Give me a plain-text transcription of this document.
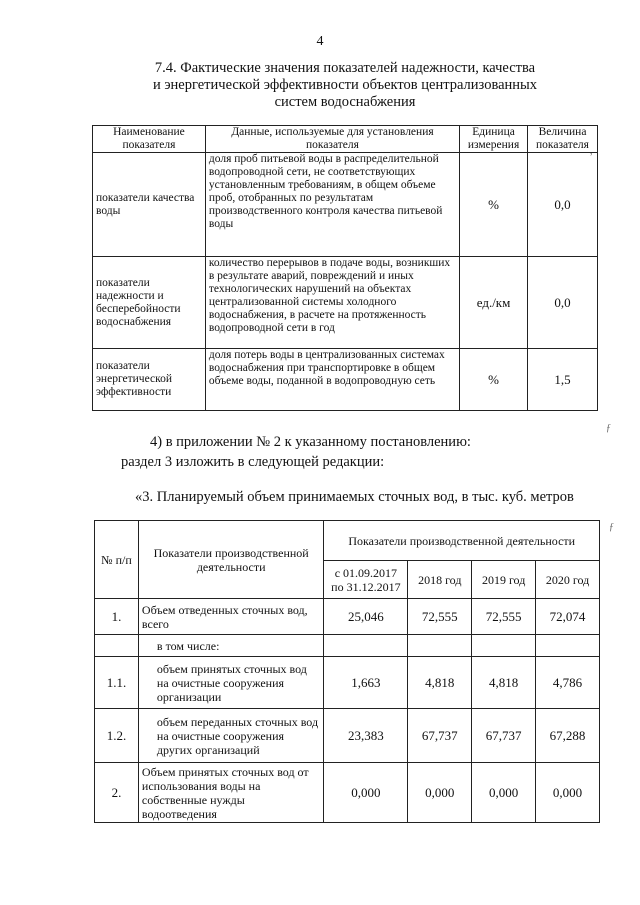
4
7.4. Фактические значения показателей надежности, качества
и энергетической эффективности объектов централизованных
систем водоснабжения
Наименование показателя	Данные, используемые для установления показателя	Единица измерения	Величина показателя
показатели качества воды	доля проб питьевой воды в распределительной водопроводной сети, не соответствующих установленным требованиям, в общем объеме проб, отобранных по результатам производственного контроля качества питьевой воды	%	0,0
показатели надежности и бесперебойности водоснабжения	количество перерывов в подаче воды, возникших в результате аварий, повреждений и иных технологических нарушений на объектах централизованной системы холодного водоснабжения, в расчете на протяженность водопроводной сети в год	ед./км	0,0
показатели энергетической эффективности	доля потерь воды в централизованных системах водоснабжения при транспортировке в общем объеме воды, поданной в водопроводную сеть	%	1,5
4) в приложении № 2 к указанному постановлению:
раздел 3 изложить в следующей редакции:
«3. Планируемый объем принимаемых сточных вод, в тыс. куб. метров
№ п/п	Показатели производственной деятельности	Показатели производственной деятельности			
		с 01.09.2017 по 31.12.2017	2018 год	2019 год	2020 год
1.	Объем отведенных сточных вод, всего	25,046	72,555	72,555	72,074
	в том числе:				
1.1.	объем принятых сточных вод на очистные сооружения организации	1,663	4,818	4,818	4,786
1.2.	объем переданных сточных вод на очистные сооружения других организаций	23,383	67,737	67,737	67,288
2.	Объем принятых сточных вод от использования воды на собственные нужды водоотведения	0,000	0,000	0,000	0,000
,
ƒ
ƒ
